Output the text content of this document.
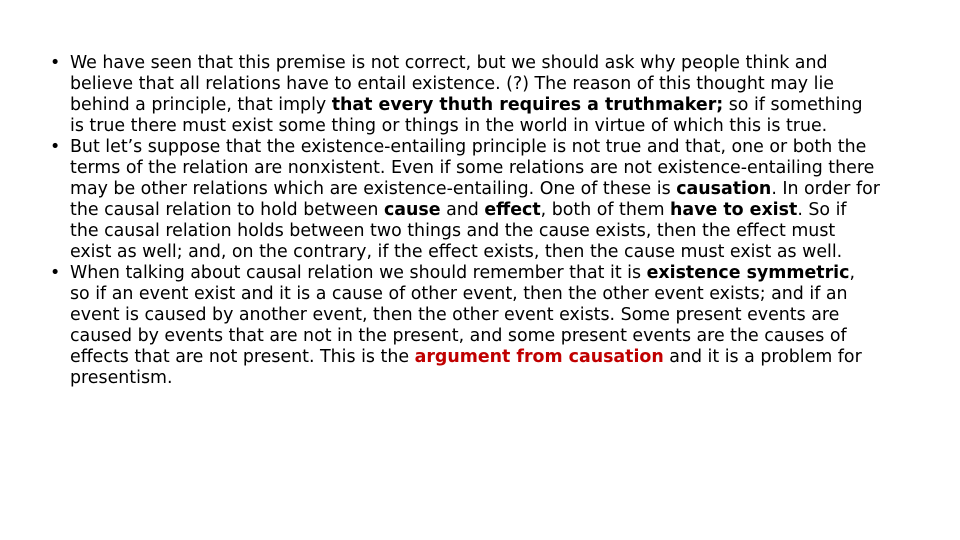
• We have seen that this premise is not correct, but we should ask why people think and believe that all relations have to entail existence. (?) The reason of this thought may lie behind a principle, that imply that every thuth requires a truthmaker; so if something is true there must exist some thing or things in the world in virtue of which this is true.
• But let’s suppose that the existence-entailing principle is not true and that, one or both the terms of the relation are nonxistent. Even if some relations are not existence-entailing there may be other relations which are existence-entailing. One of these is causation. In order for the causal relation to hold between cause and effect, both of them have to exist. So if the causal relation holds between two things and the cause exists, then the effect must exist as well; and, on the contrary, if the effect exists, then the cause must exist as well.
• When talking about causal relation we should remember that it is existence symmetric, so if an event exist and it is a cause of other event, then the other event exists; and if an event is caused by another event, then the other event exists. Some present events are caused by events that are not in the present, and some present events are the causes of effects that are not present. This is the argument from causation and it is a problem for presentism.
